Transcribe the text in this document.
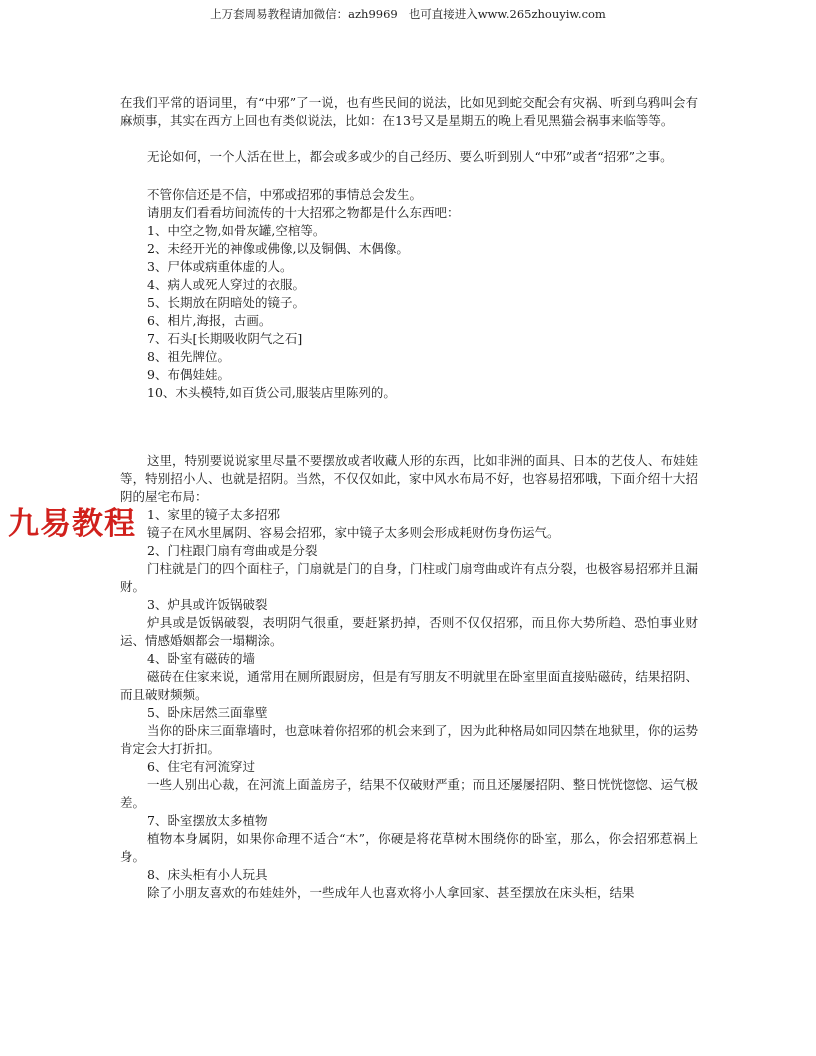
上万套周易教程请加微信：azh9969   也可直接进入www.265zhouyiw.com

在我们平常的语词里，有“中邪”了一说，也有些民间的说法，比如见到蛇交配会有灾祸、听到乌鸦叫会有麻烦事，其实在西方上回也有类似说法，比如：在13号又是星期五的晚上看见黑猫会祸事来临等等。

无论如何，一个人活在世上，都会或多或少的自己经历、要么听到别人“中邪”或者“招邪”之事。

不管你信还是不信，中邪或招邪的事情总会发生。

请朋友们看看坊间流传的十大招邪之物都是什么东西吧：

1、中空之物,如骨灰罐,空棺等。

2、未经开光的神像或佛像,以及铜偶、木偶像。

3、尸体或病重体虚的人。

4、病人或死人穿过的衣服。

5、长期放在阴暗处的镜子。

6、相片,海报，古画。

7、石头[长期吸收阴气之石]

8、祖先牌位。

9、布偶娃娃。

10、木头模特,如百货公司,服装店里陈列的。

这里，特别要说说家里尽量不要摆放或者收藏人形的东西，比如非洲的面具、日本的艺伎人、布娃娃等，特别招小人、也就是招阴。当然，不仅仅如此，家中风水布局不好，也容易招邪哦，下面介绍十大招阴的屋宅布局：

1、家里的镜子太多招邪

镜子在风水里属阴、容易会招邪，家中镜子太多则会形成耗财伤身伤运气。

2、门柱跟门扇有弯曲或是分裂

门柱就是门的四个面柱子，门扇就是门的自身，门柱或门扇弯曲或许有点分裂，也极容易招邪并且漏财。

3、炉具或许饭锅破裂

炉具或是饭锅破裂，表明阴气很重，要赶紧扔掉，否则不仅仅招邪，而且你大势所趋、恐怕事业财运、情感婚姻都会一塌糊涂。

4、卧室有磁砖的墙

磁砖在住家来说，通常用在厕所跟厨房，但是有写朋友不明就里在卧室里面直接贴磁砖，结果招阴、而且破财频频。

5、卧床居然三面靠壁

当你的卧床三面靠墙时，也意味着你招邪的机会来到了，因为此种格局如同囚禁在地狱里，你的运势肯定会大打折扣。

6、住宅有河流穿过

一些人别出心裁，在河流上面盖房子，结果不仅破财严重；而且还屡屡招阴、整日恍恍惚惚、运气极差。

7、卧室摆放太多植物

植物本身属阴，如果你命理不适合“木”，你硬是将花草树木围绕你的卧室，那么，你会招邪惹祸上身。

8、床头柜有小人玩具

除了小朋友喜欢的布娃娃外，一些成年人也喜欢将小人拿回家、甚至摆放在床头柜，结果

九易教程
